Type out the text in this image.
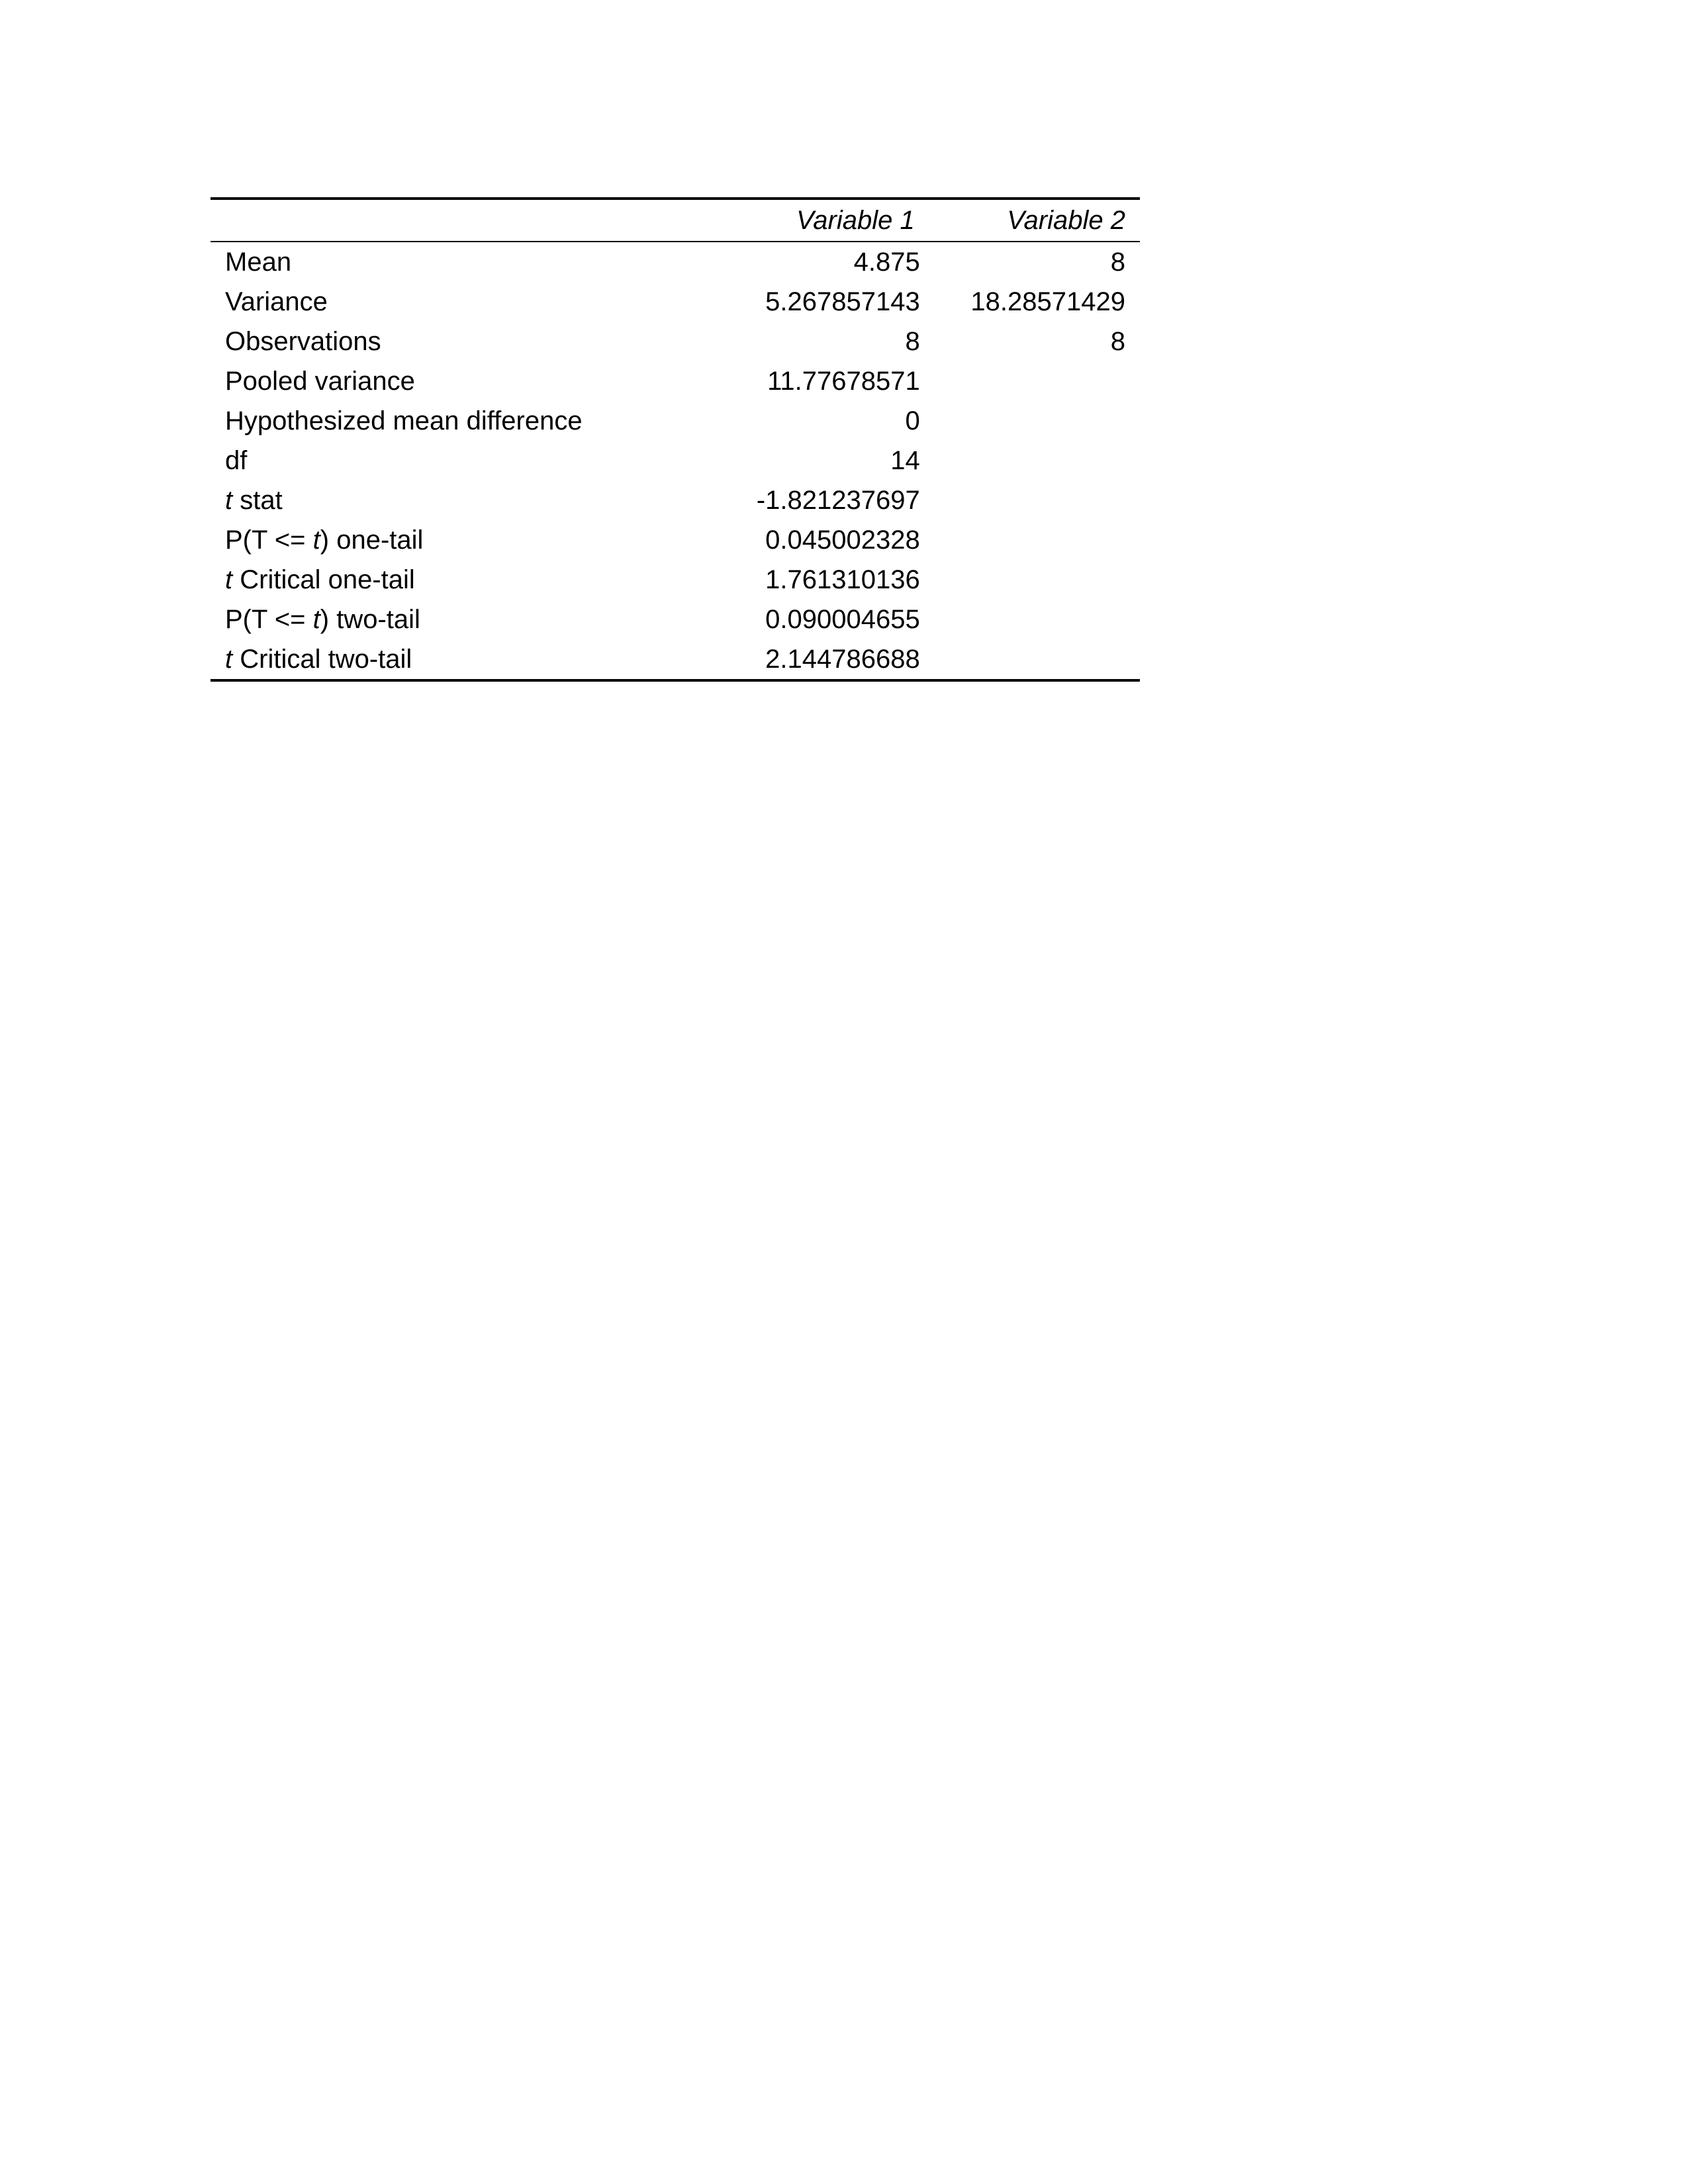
	Variable 1	Variable 2
Mean	4.875	8
Variance	5.267857143	18.28571429
Observations	8	8
Pooled variance	11.77678571	
Hypothesized mean difference	0	
df	14	
t stat	-1.821237697	
P(T <= t) one-tail	0.045002328	
t Critical one-tail	1.761310136	
P(T <= t) two-tail	0.090004655	
t Critical two-tail	2.144786688	
